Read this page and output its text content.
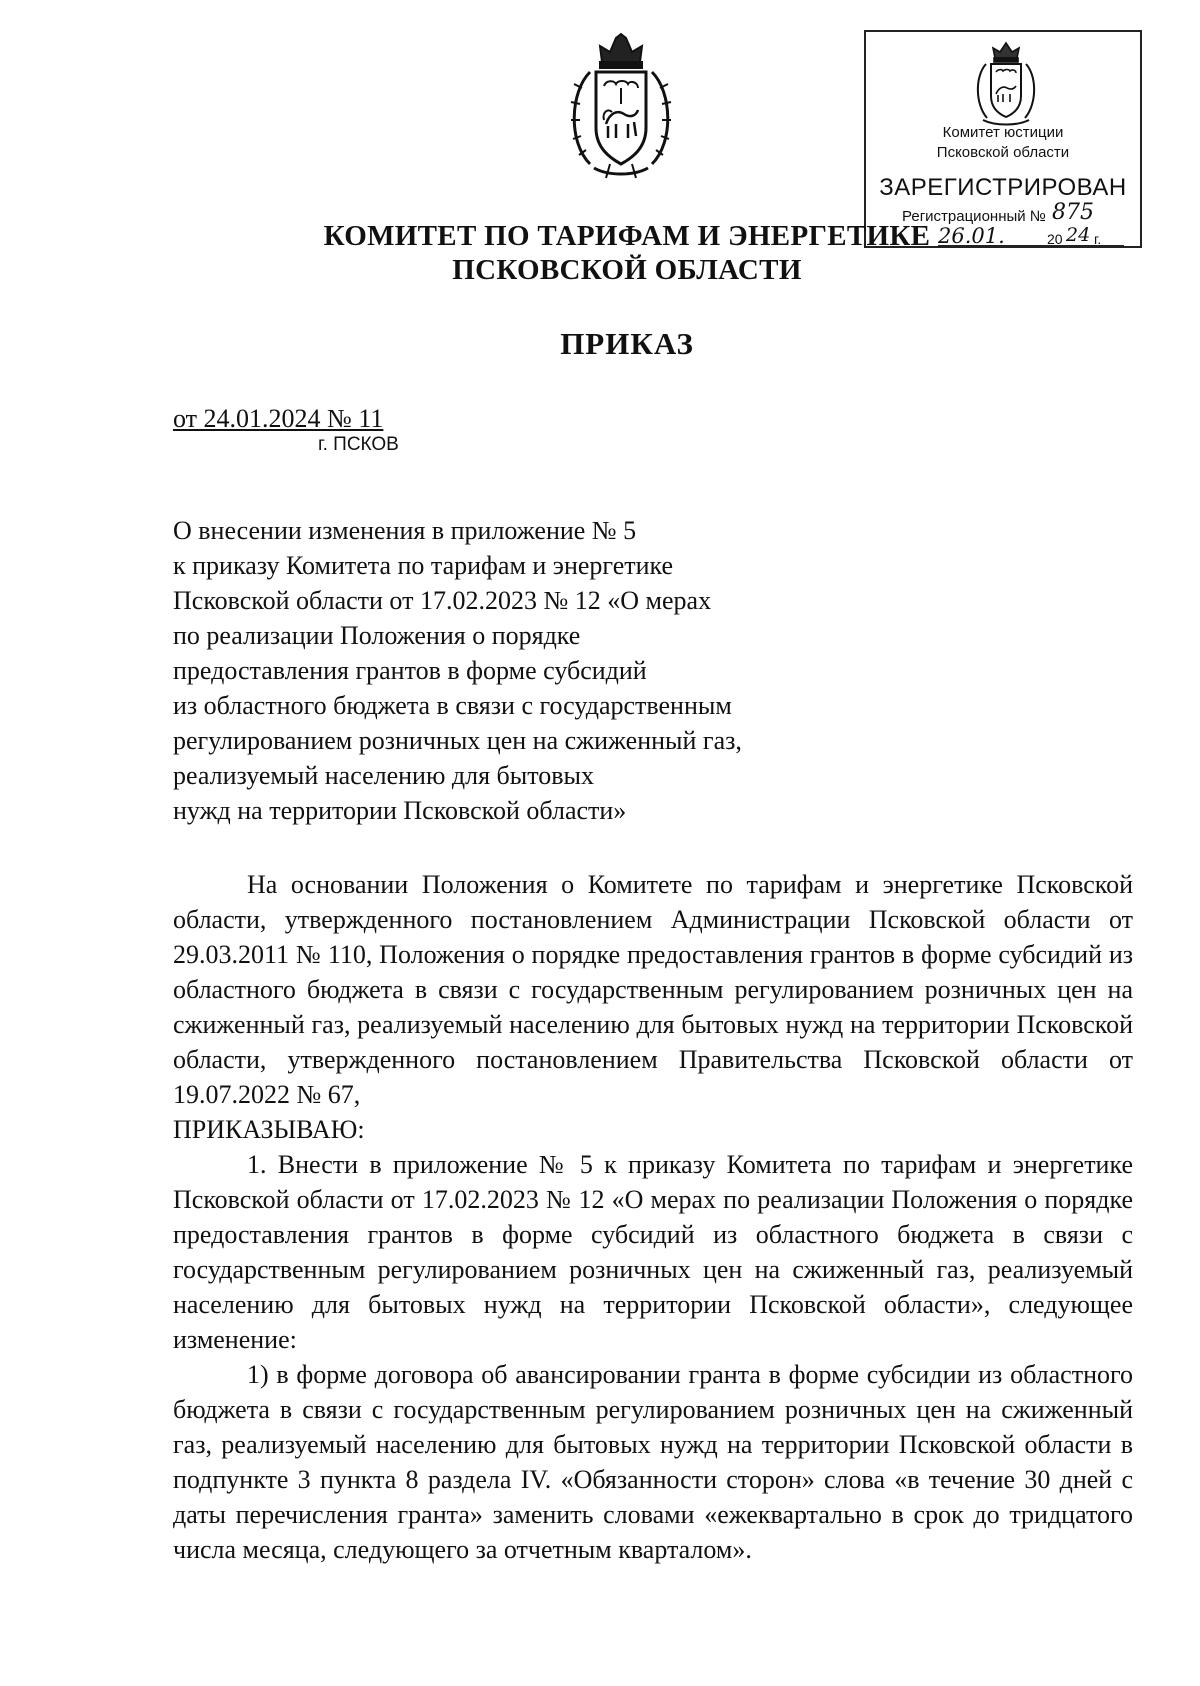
Комитет юстиции
Псковской области
ЗАРЕГИСТРИРОВАН
Регистрационный № 875
26.01.	20 24 г.
КОМИТЕТ ПО ТАРИФАМ И ЭНЕРГЕТИКЕ
ПСКОВСКОЙ ОБЛАСТИ
ПРИКАЗ
от 24.01.2024 № 11
г. ПСКОВ
О внесении изменения в приложение № 5
к приказу Комитета по тарифам и энергетике
Псковской области от 17.02.2023 № 12 «О мерах
по реализации Положения о порядке
предоставления грантов в форме субсидий
из областного бюджета в связи с государственным
регулированием розничных цен на сжиженный газ,
реализуемый населению для бытовых
нужд на территории Псковской области»

На основании Положения о Комитете по тарифам и энергетике Псковской области, утвержденного постановлением Администрации Псковской области от 29.03.2011 № 110, Положения о порядке предоставления грантов в форме субсидий из областного бюджета в связи с государственным регулированием розничных цен на сжиженный газ, реализуемый населению для бытовых нужд на территории Псковской области, утвержденного постановлением Правительства Псковской области от 19.07.2022 № 67,

ПРИКАЗЫВАЮ:

1. Внести в приложение № 5 к приказу Комитета по тарифам и энергетике Псковской области от 17.02.2023 № 12 «О мерах по реализации Положения о порядке предоставления грантов в форме субсидий из областного бюджета в связи с государственным регулированием розничных цен на сжиженный газ, реализуемый населению для бытовых нужд на территории Псковской области», следующее изменение:

1) в форме договора об авансировании гранта в форме субсидии из областного бюджета в связи с государственным регулированием розничных цен на сжиженный газ, реализуемый населению для бытовых нужд на территории Псковской области в подпункте 3 пункта 8 раздела IV. «Обязанности сторон» слова «в течение 30 дней с даты перечисления гранта» заменить словами «ежеквартально в срок до тридцатого числа месяца, следующего за отчетным кварталом».
